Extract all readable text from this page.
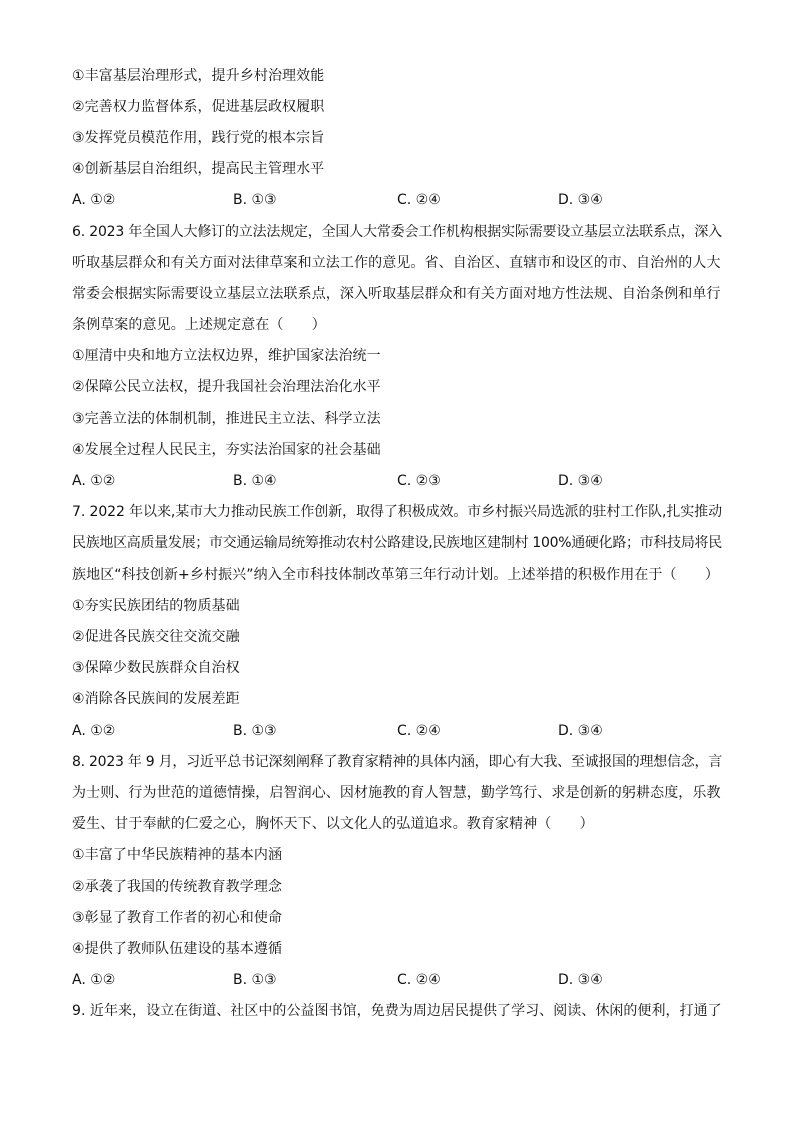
①丰富基层治理形式，提升乡村治理效能
②完善权力监督体系，促进基层政权履职
③发挥党员模范作用，践行党的根本宗旨
④创新基层自治组织，提高民主管理水平
A. ①②	B. ①③	C. ②④	D. ③④
6. 2023 年全国人大修订的立法法规定，全国人大常委会工作机构根据实际需要设立基层立法联系点，深入
听取基层群众和有关方面对法律草案和立法工作的意见。省、自治区、直辖市和设区的市、自治州的人大
常委会根据实际需要设立基层立法联系点，深入听取基层群众和有关方面对地方性法规、自治条例和单行
条例草案的意见。上述规定意在（　　）
①厘清中央和地方立法权边界，维护国家法治统一
②保障公民立法权，提升我国社会治理法治化水平
③完善立法的体制机制，推进民主立法、科学立法
④发展全过程人民民主，夯实法治国家的社会基础
A. ①②	B. ①④	C. ②③	D. ③④
7. 2022 年以来,某市大力推动民族工作创新，取得了积极成效。市乡村振兴局选派的驻村工作队,扎实推动
民族地区高质量发展；市交通运输局统筹推动农村公路建设,民族地区建制村 100%通硬化路；市科技局将民
族地区“科技创新+乡村振兴”纳入全市科技体制改革第三年行动计划。上述举措的积极作用在于（　　）
①夯实民族团结的物质基础
②促进各民族交往交流交融
③保障少数民族群众自治权
④消除各民族间的发展差距
A. ①②	B. ①③	C. ②④	D. ③④
8. 2023 年 9 月，习近平总书记深刻阐释了教育家精神的具体内涵，即心有大我、至诚报国的理想信念，言
为士则、行为世范的道德情操，启智润心、因材施教的育人智慧，勤学笃行、求是创新的躬耕态度，乐教
爱生、甘于奉献的仁爱之心，胸怀天下、以文化人的弘道追求。教育家精神（　　）
①丰富了中华民族精神的基本内涵
②承袭了我国的传统教育教学理念
③彰显了教育工作者的初心和使命
④提供了教师队伍建设的基本遵循
A. ①②	B. ①③	C. ②④	D. ③④
9. 近年来，设立在街道、社区中的公益图书馆，免费为周边居民提供了学习、阅读、休闲的便利，打通了
